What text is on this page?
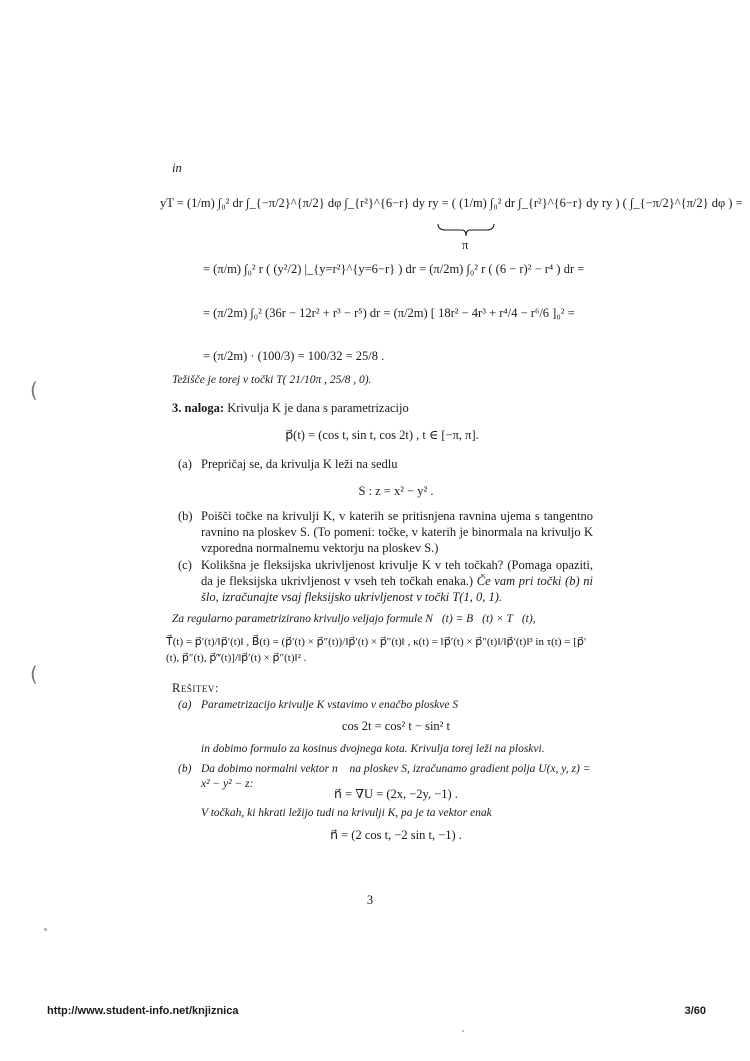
(
(
in
yT = (1/m) ∫₀² dr ∫_{−π/2}^{π/2} dφ ∫_{r²}^{6−r} dy ry = ( (1/m) ∫₀² dr ∫_{r²}^{6−r} dy ry ) ( ∫_{−π/2}^{π/2} dφ ) =
π
= (π/m) ∫₀² r ( (y²/2) |_{y=r²}^{y=6−r} ) dr = (π/2m) ∫₀² r ( (6 − r)² − r⁴ ) dr =
= (π/2m) ∫₀² (36r − 12r² + r³ − r⁵) dr = (π/2m) [ 18r² − 4r³ + r⁴/4 − r⁶/6 ]₀² =
= (π/2m) · (100/3) = 100/32 = 25/8 .
Težišče je torej v točki T( 21/10π , 25/8 , 0).
3. naloga: Krivulja K je dana s parametrizacijo
p⃗(t) = (cos t, sin t, cos 2t) , t ∈ [−π, π].
(a) Prepričaj se, da krivulja K leži na sedlu
S : z = x² − y² .
(b) Poišči točke na krivulji K, v katerih se pritisnjena ravnina ujema s tangentno ravnino na ploskev S. (To pomeni: točke, v katerih je binormala na krivuljo K vzporedna normalnemu vektorju na ploskev S.)
(c) Kolikšna je fleksijska ukrivljenost krivulje K v teh točkah? (Pomaga opaziti, da je fleksijska ukrivljenost v vseh teh točkah enaka.) Če vam pri točki (b) ni šlo, izračunajte vsaj fleksijsko ukrivljenost v točki T(1, 0, 1).
Za regularno parametrizirano krivuljo veljajo formule N⃗(t) = B⃗(t) × T⃗(t),
T⃗(t) = p⃗′(t)/‖p⃗′(t)‖ , B⃗(t) = (p⃗′(t) × p⃗″(t))/‖p⃗′(t) × p⃗″(t)‖ , κ(t) = ‖p⃗′(t) × p⃗″(t)‖/‖p⃗′(t)‖³ in τ(t) = [p⃗′(t), p⃗″(t), p⃗‴(t)]/‖p⃗′(t) × p⃗″(t)‖² .
Rešitev:
(a) Parametrizacijo krivulje K vstavimo v enačbo ploskve S
cos 2t = cos² t − sin² t
in dobimo formulo za kosinus dvojnega kota. Krivulja torej leži na ploskvi.
(b) Da dobimo normalni vektor n⃗ na ploskev S, izračunamo gradient polja U(x, y, z) = x² − y² − z:
n⃗ = ∇U = (2x, −2y, −1) .
V točkah, ki hkrati ležijo tudi na krivulji K, pa je ta vektor enak
n⃗ = (2 cos t, −2 sin t, −1) .
3
http://www.student-info.net/knjiznica	3/60
